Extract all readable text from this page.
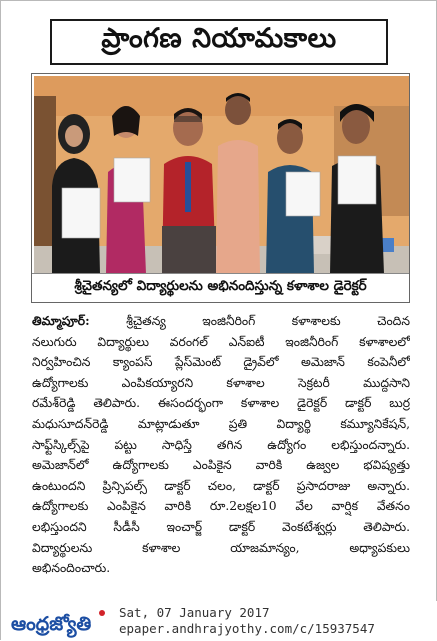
ప్రాంగణ నియామకాలు
శ్రీచైతన్యలో విద్యార్థులను అభినందిస్తున్న కళాశాల డైరెక్టర్
తిమ్మాపూర్: శ్రీచైతన్య ఇంజినీరింగ్ కళాశాలకు చెందిన
నలుగురు విద్యార్థులు వరంగల్ ఎన్ఐటీ ఇంజినీరింగ్ కళాశాలలో
నిర్వహించిన క్యాంపస్ ప్లేస్‌మెంట్ డ్రైవ్‌లో అమెజాన్ కంపెనీలో
ఉద్యోగాలకు ఎంపికయ్యారని కళాశాల సెక్రటరీ ముద్దసాని
రమేశ్‌రెడ్డి తెలిపారు. ఈసందర్భంగా కళాశాల డైరెక్టర్ డాక్టర్ బుర్ర
మధుసూదన్‌రెడ్డి మాట్లాడుతూ ప్రతి విద్యార్థి కమ్యూనికేషన్,
సాఫ్ట్‌స్కిల్స్‌పై పట్టు సాధిస్తే తగిన ఉద్యోగం లభిస్తుందన్నారు.
అమెజాన్‌లో ఉద్యోగాలకు ఎంపికైన వారికి ఉజ్వల భవిష్యత్తు
ఉంటుందని ప్రిన్సిపల్స్ డాక్టర్ చలం, డాక్టర్ ప్రసాదరాజు అన్నారు.
ఉద్యోగాలకు ఎంపికైన వారికి రూ.2లక్షల10 వేల వార్షిక వేతనం
లభిస్తుందని సీడీసీ ఇంచార్జ్ డాక్టర్ వెంకటేశ్వర్లు తెలిపారు.
విద్యార్థులను కళాశాల యాజమాన్యం, అధ్యాపకులు
అభినందించారు.
ఆంధ్రజ్యోతి
Sat, 07 January 2017
epaper.andhrajyothy.com/c/15937547
